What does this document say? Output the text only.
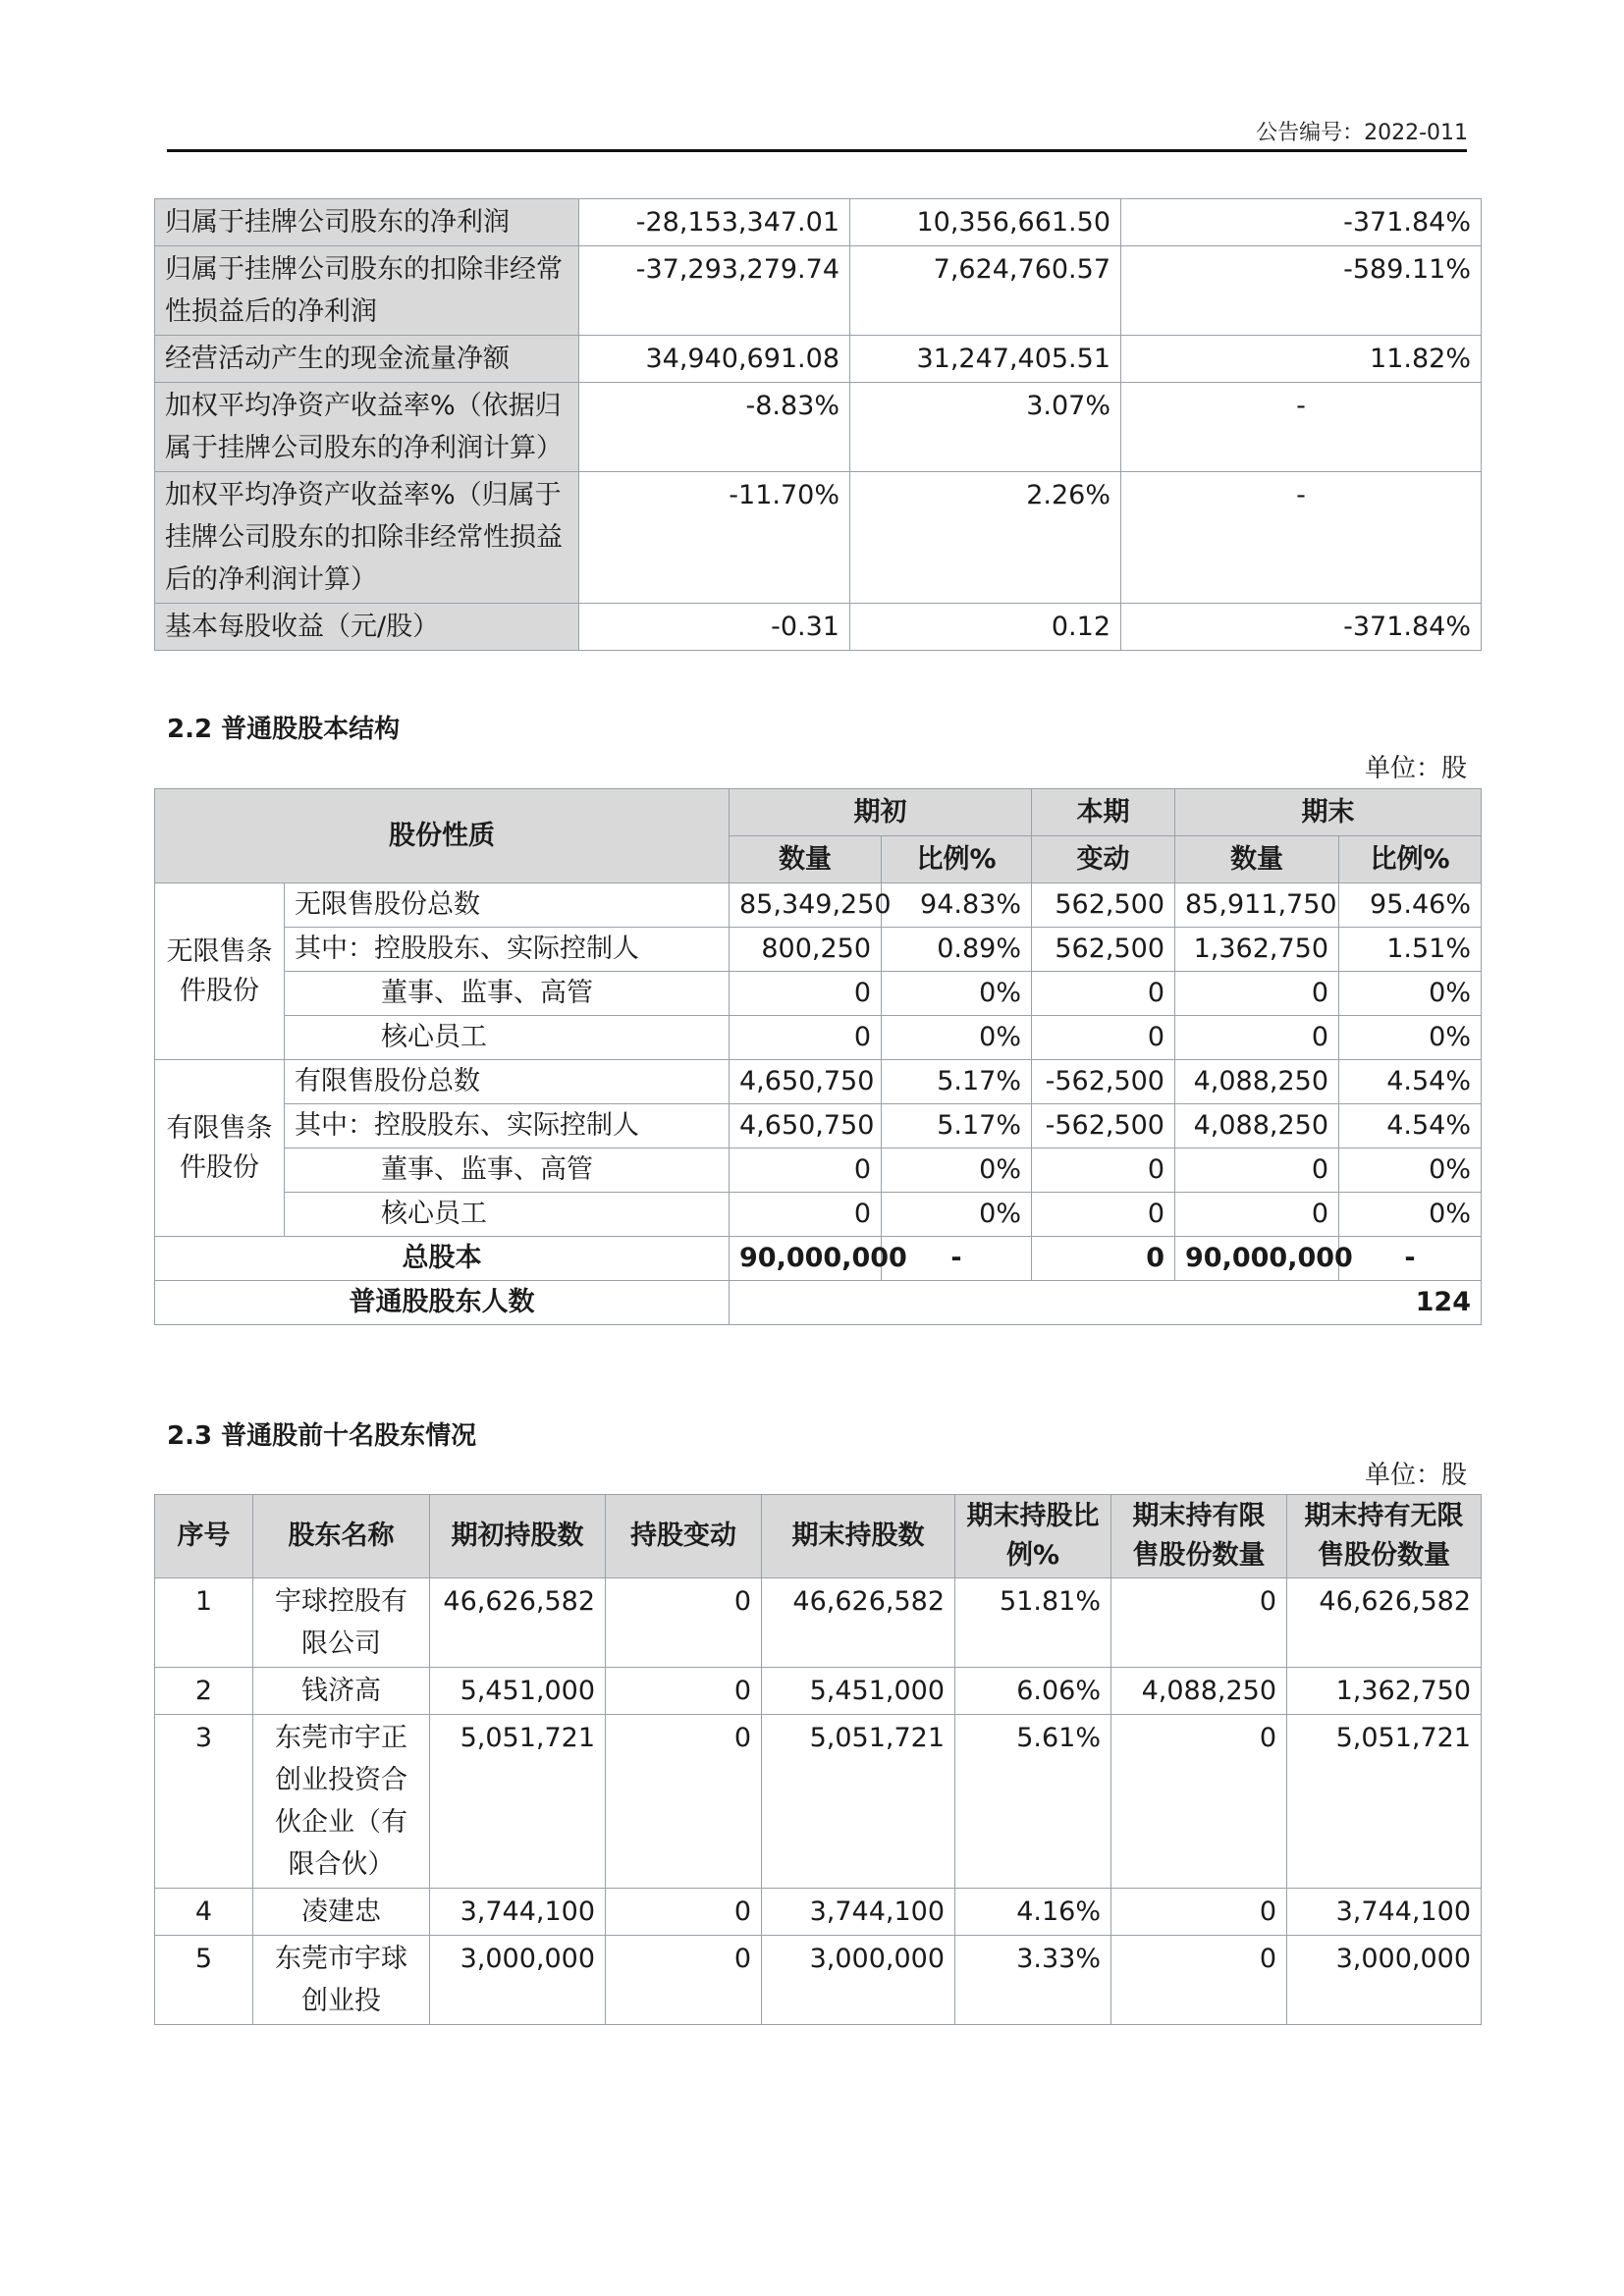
公告编号：2022-011
归属于挂牌公司股东的净利润	-28,153,347.01	10,356,661.50	-371.84%
归属于挂牌公司股东的扣除非经常性损益后的净利润	-37,293,279.74	7,624,760.57	-589.11%
经营活动产生的现金流量净额	34,940,691.08	31,247,405.51	11.82%
加权平均净资产收益率%（依据归属于挂牌公司股东的净利润计算）	-8.83%	3.07%	-
加权平均净资产收益率%（归属于挂牌公司股东的扣除非经常性损益后的净利润计算）	-11.70%	2.26%	-
基本每股收益（元/股）	-0.31	0.12	-371.84%
2.2 普通股股本结构
单位：股
股份性质		期初		本期	期末	
		数量	比例%	变动	数量	比例%
无限售条件股份	无限售股份总数	85,349,250	94.83%	562,500	85,911,750	95.46%
	其中：控股股东、实际控制人	800,250	0.89%	562,500	1,362,750	1.51%
	董事、监事、高管	0	0%	0	0	0%
	核心员工	0	0%	0	0	0%
有限售条件股份	有限售股份总数	4,650,750	5.17%	-562,500	4,088,250	4.54%
	其中：控股股东、实际控制人	4,650,750	5.17%	-562,500	4,088,250	4.54%
	董事、监事、高管	0	0%	0	0	0%
	核心员工	0	0%	0	0	0%
总股本		90,000,000	-	0	90,000,000	-
普通股股东人数		124				
2.3 普通股前十名股东情况
单位：股
序号	股东名称	期初持股数	持股变动	期末持股数	期末持股比例%	期末持有限售股份数量	期末持有无限售股份数量
1	宇球控股有限公司	46,626,582	0	46,626,582	51.81%	0	46,626,582
2	钱济高	5,451,000	0	5,451,000	6.06%	4,088,250	1,362,750
3	东莞市宇正创业投资合伙企业（有限合伙）	5,051,721	0	5,051,721	5.61%	0	5,051,721
4	凌建忠	3,744,100	0	3,744,100	4.16%	0	3,744,100
5	东莞市宇球创业投	3,000,000	0	3,000,000	3.33%	0	3,000,000
